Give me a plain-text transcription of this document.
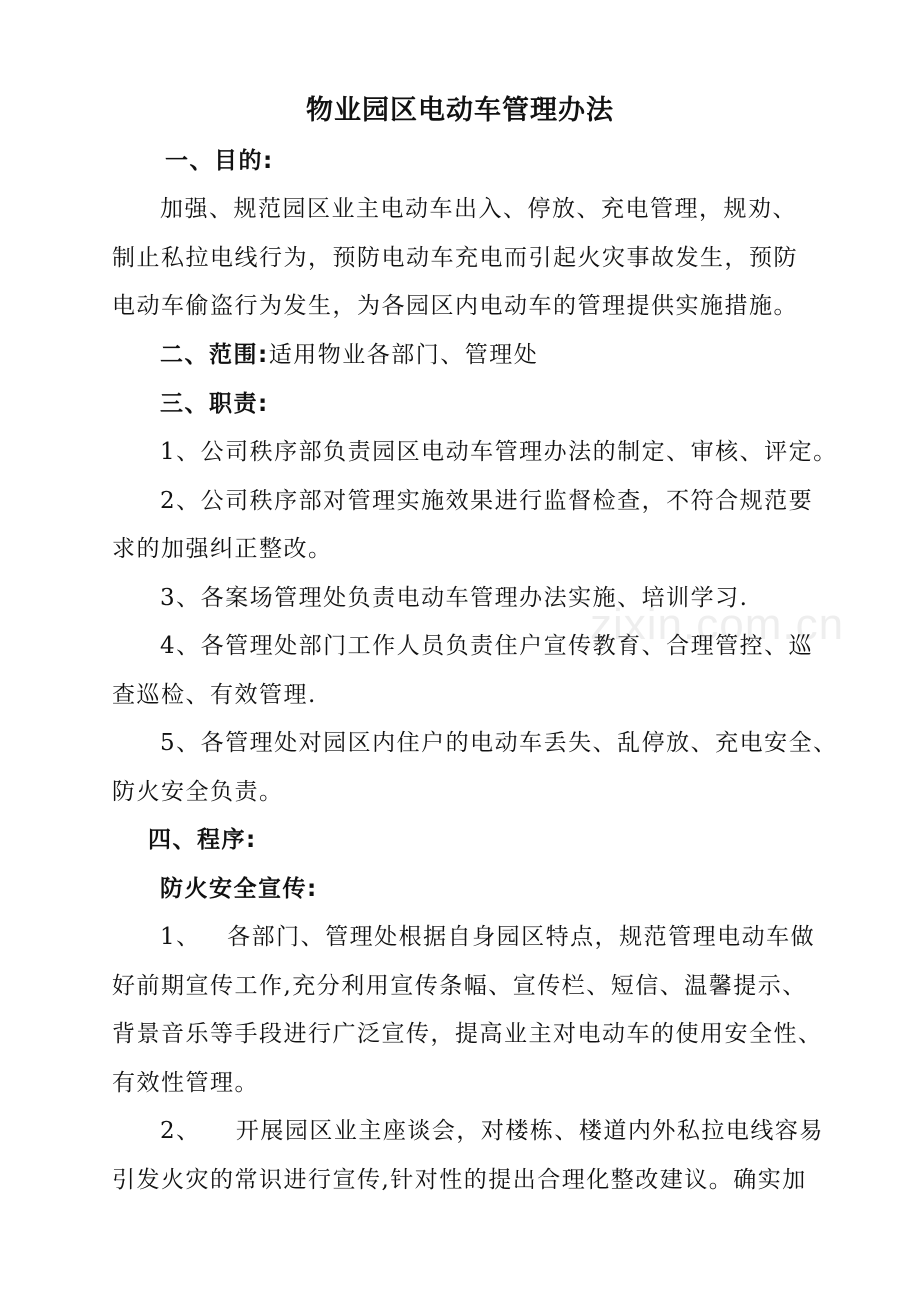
zixin.com.cn
物业园区电动车管理办法
一、目的:
加强、规范园区业主电动车出入、停放、充电管理，规劝、
制止私拉电线行为，预防电动车充电而引起火灾事故发生，预防
电动车偷盗行为发生，为各园区内电动车的管理提供实施措施。
二、范围:适用物业各部门、管理处
三、职责:
1、公司秩序部负责园区电动车管理办法的制定、审核、评定。
2、公司秩序部对管理实施效果进行监督检查，不符合规范要
求的加强纠正整改。
3、各案场管理处负责电动车管理办法实施、培训学习.
4、各管理处部门工作人员负责住户宣传教育、合理管控、巡
查巡检、有效管理.
5、各管理处对园区内住户的电动车丢失、乱停放、充电安全、
防火安全负责。
四、程序:
防火安全宣传:
1、   各部门、管理处根据自身园区特点，规范管理电动车做
好前期宣传工作,充分利用宣传条幅、宣传栏、短信、温馨提示、
背景音乐等手段进行广泛宣传，提高业主对电动车的使用安全性、
有效性管理。
2、    开展园区业主座谈会，对楼栋、楼道内外私拉电线容易
引发火灾的常识进行宣传,针对性的提出合理化整改建议。确实加
